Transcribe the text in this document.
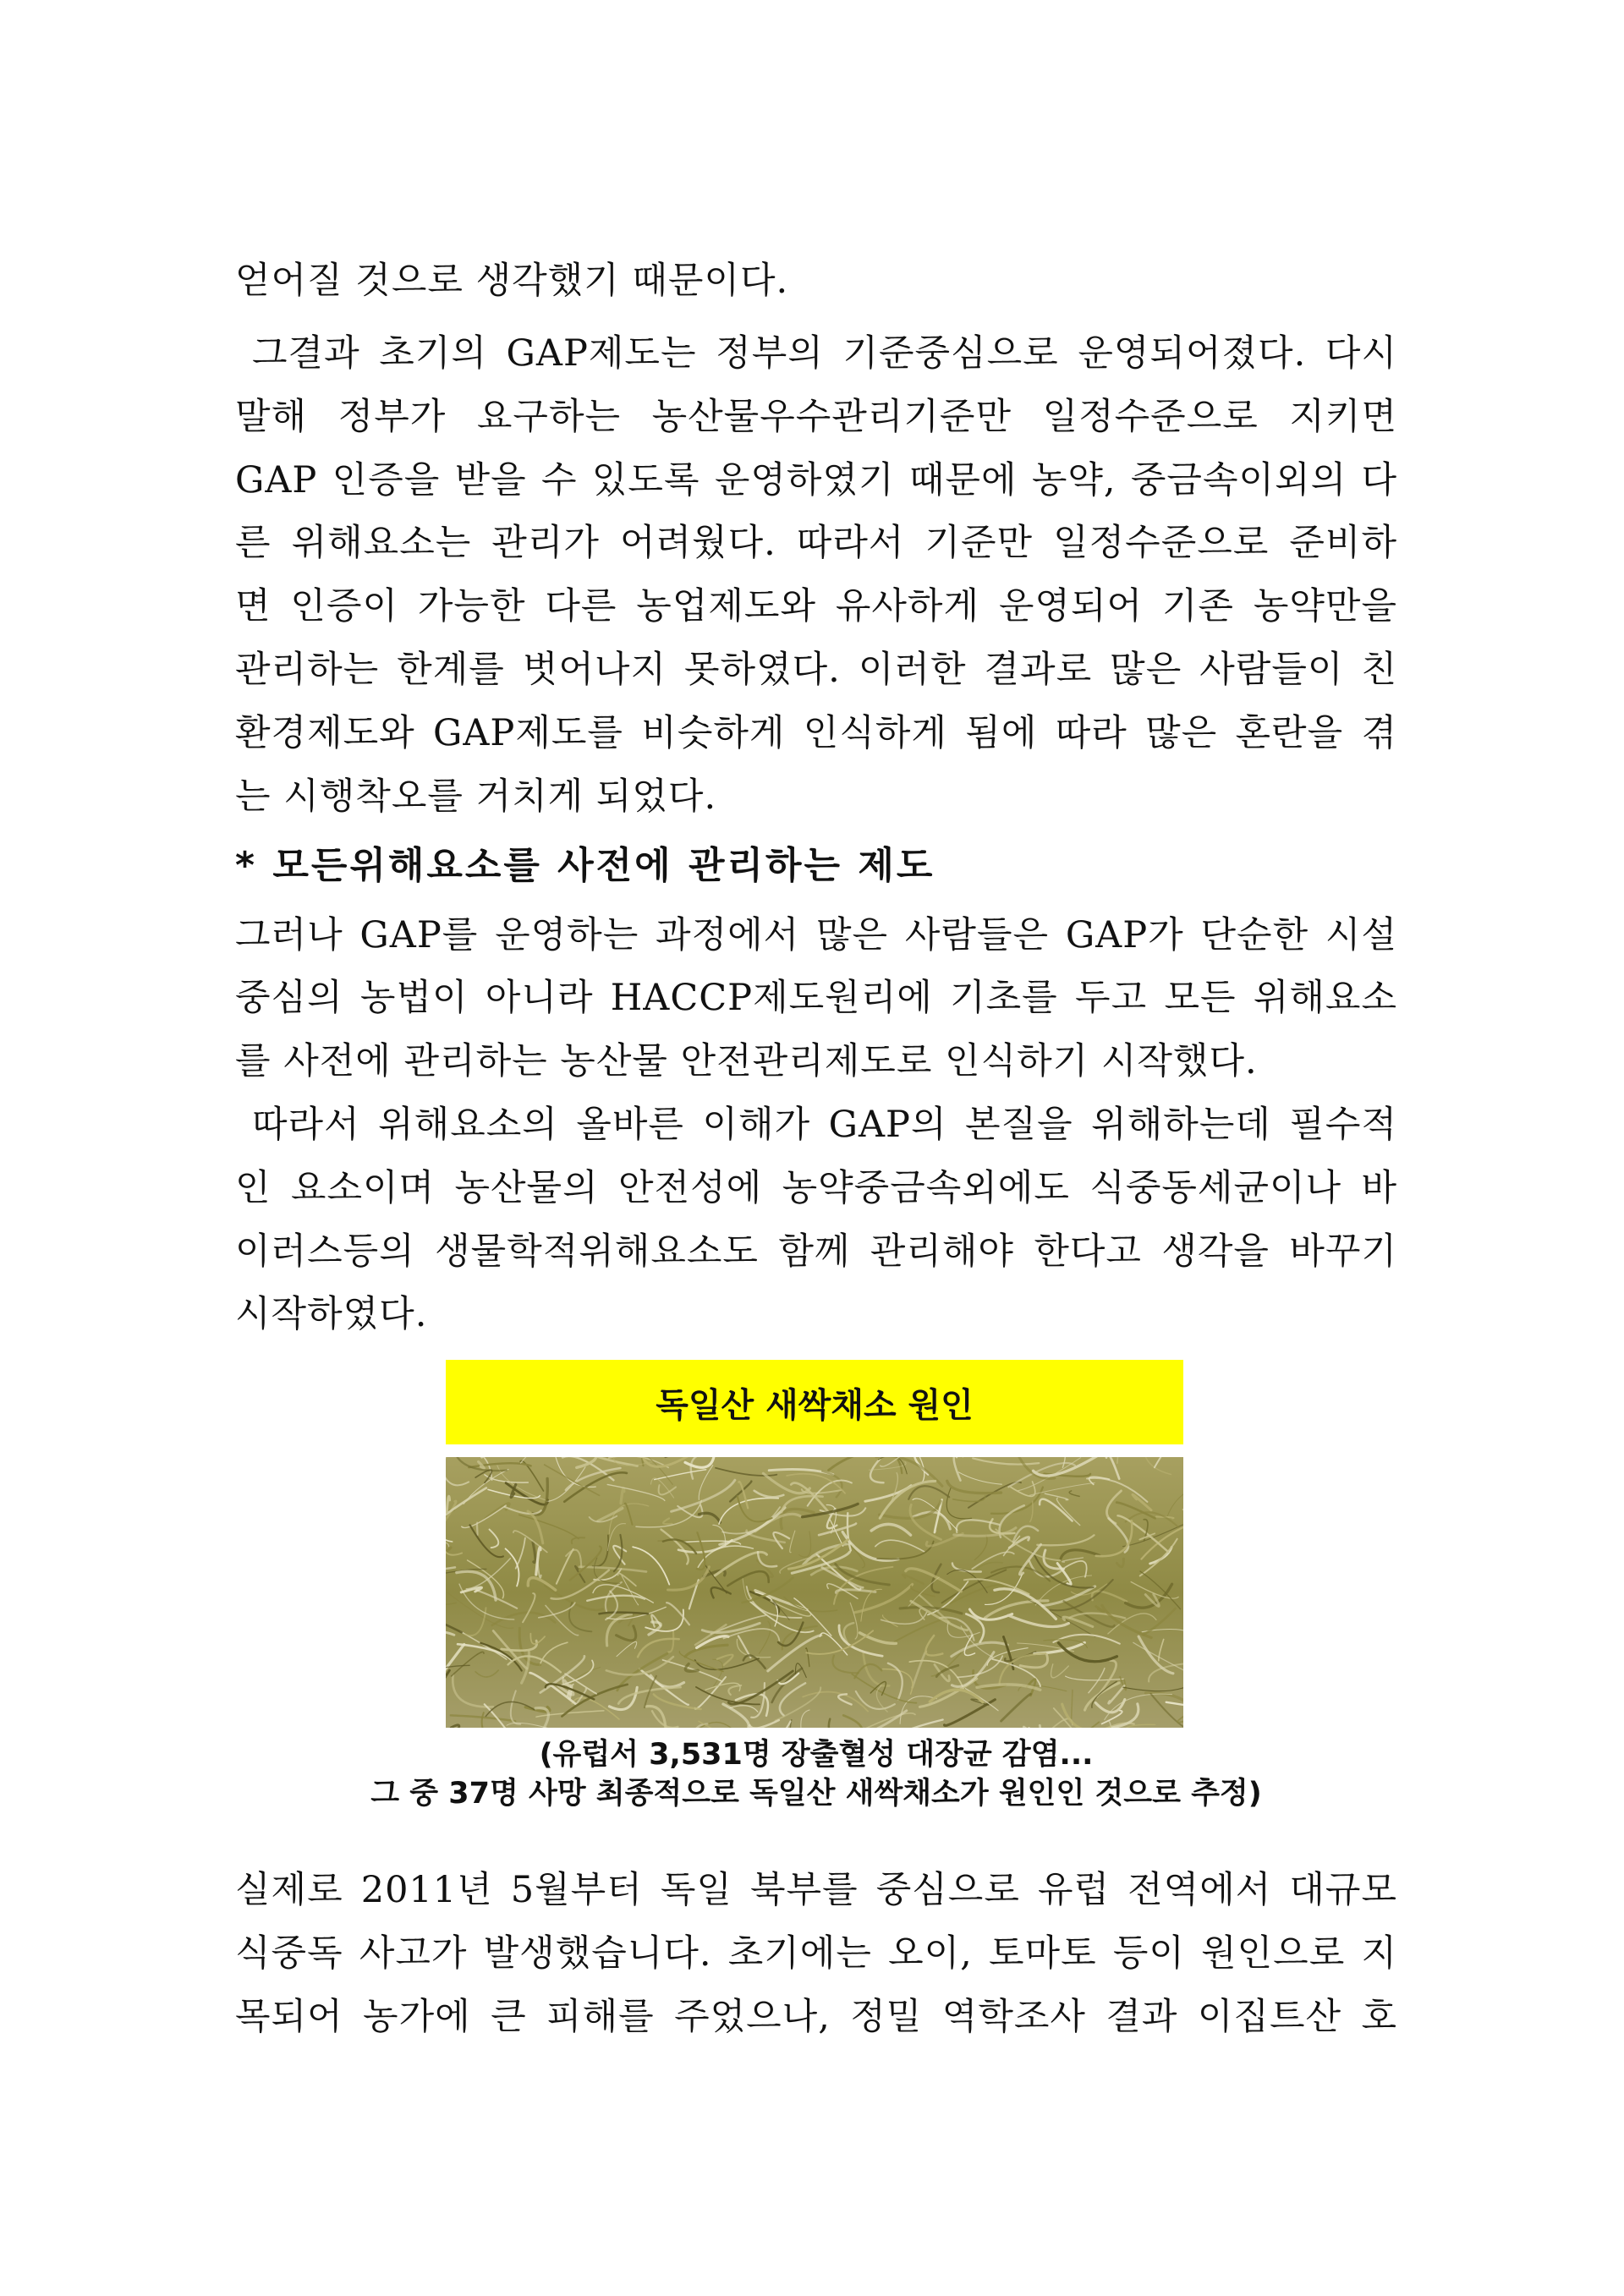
얻어질 것으로 생각했기 때문이다.
그결과 초기의 GAP제도는 정부의 기준중심으로 운영되어졌다. 다시
말해 정부가 요구하는 농산물우수관리기준만 일정수준으로 지키면
GAP 인증을 받을 수 있도록 운영하였기 때문에 농약, 중금속이외의 다
른 위해요소는 관리가 어려웠다. 따라서 기준만 일정수준으로 준비하
면 인증이 가능한 다른 농업제도와 유사하게 운영되어 기존 농약만을
관리하는 한계를 벗어나지 못하였다. 이러한 결과로 많은 사람들이 친
환경제도와 GAP제도를 비슷하게 인식하게 됨에 따라 많은 혼란을 겪
는 시행착오를 거치게 되었다.
* 모든위해요소를 사전에 관리하는 제도
그러나 GAP를 운영하는 과정에서 많은 사람들은 GAP가 단순한 시설
중심의 농법이 아니라 HACCP제도원리에 기초를 두고 모든 위해요소
를 사전에 관리하는 농산물 안전관리제도로 인식하기 시작했다.
따라서 위해요소의 올바른 이해가 GAP의 본질을 위해하는데 필수적
인 요소이며 농산물의 안전성에 농약중금속외에도 식중동세균이나 바
이러스등의 생물학적위해요소도 함께 관리해야 한다고 생각을 바꾸기
시작하였다.
독일산 새싹채소 원인
(유럽서 3,531명 장출혈성 대장균 감염...
그 중 37명 사망 최종적으로 독일산 새싹채소가 원인인 것으로 추정)
실제로 2011년 5월부터 독일 북부를 중심으로 유럽 전역에서 대규모
식중독 사고가 발생했습니다. 초기에는 오이, 토마토 등이 원인으로 지
목되어 농가에 큰 피해를 주었으나, 정밀 역학조사 결과 이집트산 호
